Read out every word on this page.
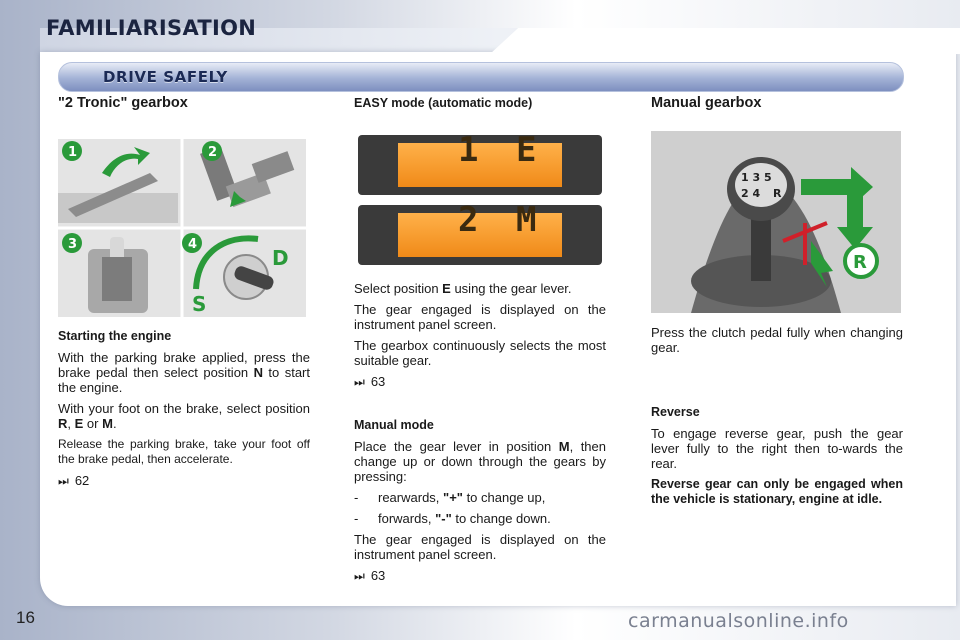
FAMILIARISATION
DRIVE SAFELY
"2 Tronic" gearbox
D
S
1	2
3	4
Starting the engine

With the parking brake applied, press the brake pedal then select position N to start the engine.

With your foot on the brake, select position R, E or M.

Release the parking brake, take your foot off the brake pedal, then accelerate.

⏭ 62
EASY mode (automatic mode)
1 E
2 M

Select position E using the gear lever.

The gear engaged is displayed on the instrument panel screen.

The gearbox continuously selects the most suitable gear.

⏭ 63
Manual mode

Place the gear lever in position M, then change up or down through the gears by pressing:

-	rearwards, "+" to change up,
-	forwards, "-" to change down.

The gear engaged is displayed on the instrument panel screen.

⏭ 63
Manual gearbox
1 3 5
2 4 R
R

Press the clutch pedal fully when changing gear.

Reverse

To engage reverse gear, push the gear lever fully to the right then to-wards the rear.

Reverse gear can only be engaged when the vehicle is stationary, engine at idle.

16	carmanualsonline.info
